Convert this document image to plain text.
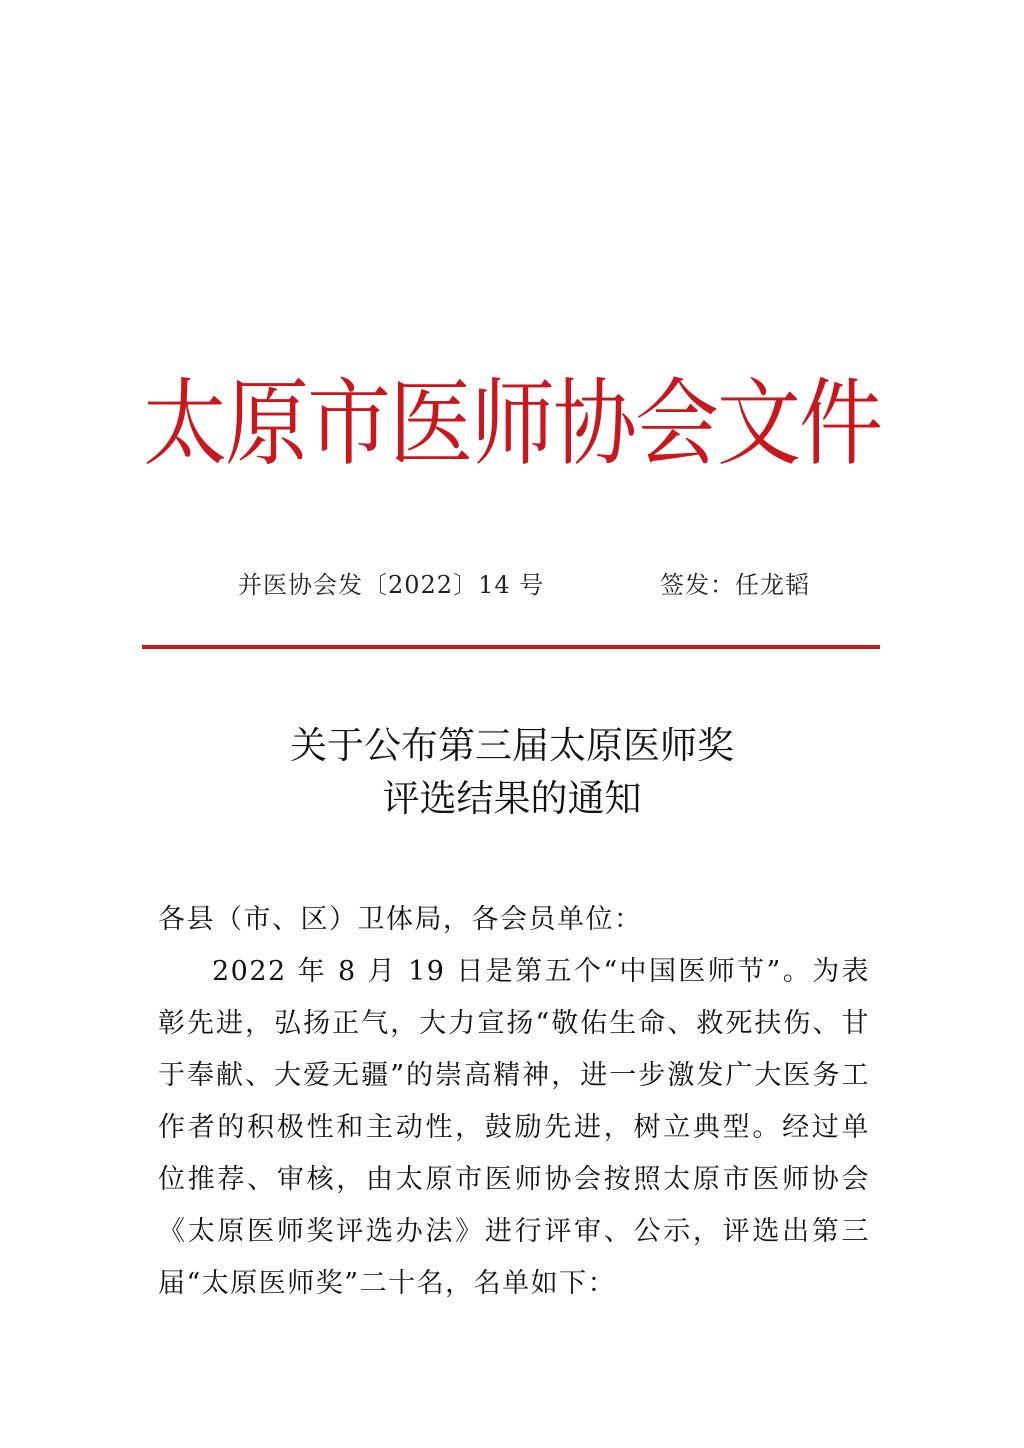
太原市医师协会文件
并医协会发〔2022〕14 号	签发：任龙韬
关于公布第三届太原医师奖
评选结果的通知
各县（市、区）卫体局，各会员单位：
2022 年 8 月 19 日是第五个“中国医师节”。为表彰先进，弘扬正气，大力宣扬“敬佑生命、救死扶伤、甘于奉献、大爱无疆”的崇高精神，进一步激发广大医务工作者的积极性和主动性，鼓励先进，树立典型。经过单位推荐、审核，由太原市医师协会按照太原市医师协会《太原医师奖评选办法》进行评审、公示，评选出第三届“太原医师奖”二十名，名单如下：
